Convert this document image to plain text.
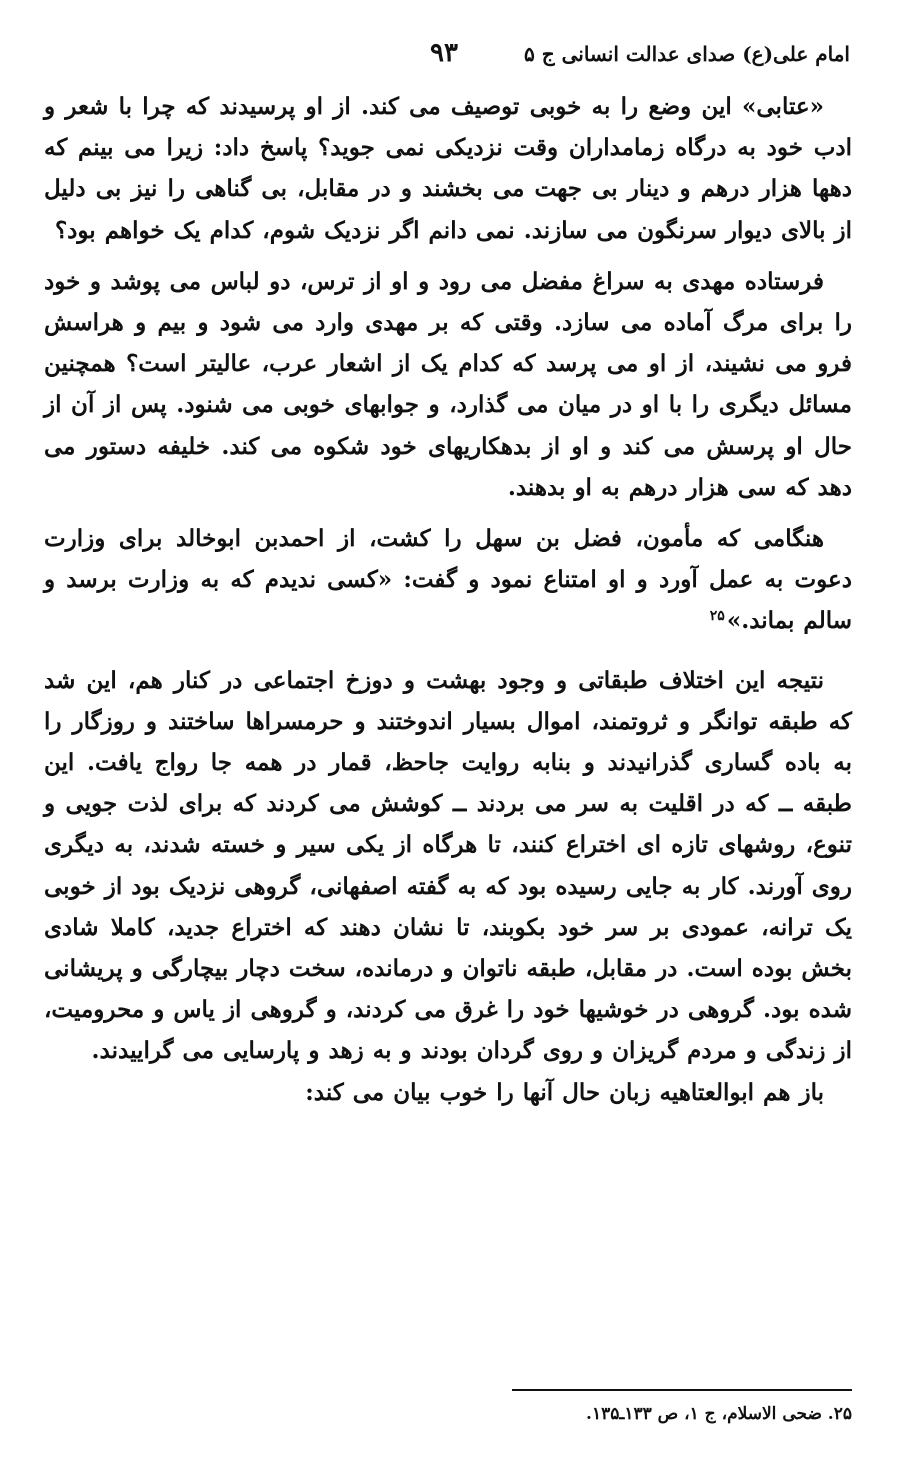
امام علی(ع) صدای عدالت انسانی ج ۵
۹۳

«عتابی» این وضع را به خوبی توصیف می کند. از او پرسیدند که چرا با شعر و ادب خود به درگاه زمامداران وقت نزدیکی نمی جوید؟ پاسخ داد: زیرا می بینم که دهها هزار درهم و دینار بی جهت می بخشند و در مقابل، بی گناهی را نیز بی دلیل از بالای دیوار سرنگون می سازند. نمی دانم اگر نزدیک شوم، کدام یک خواهم بود؟

فرستاده مهدی به سراغ مفضل می رود و او از ترس، دو لباس می پوشد و خود را برای مرگ آماده می سازد. وقتی که بر مهدی وارد می شود و بیم و هراسش فرو می نشیند، از او می پرسد که کدام یک از اشعار عرب، عالیتر است؟ همچنین مسائل دیگری را با او در میان می گذارد، و جوابهای خوبی می شنود. پس از آن از حال او پرسش می کند و او از بدهکاریهای خود شکوه می کند. خلیفه دستور می دهد که سی هزار درهم به او بدهند.

هنگامی که مأمون، فضل بن سهل را کشت، از احمدبن ابوخالد برای وزارت دعوت به عمل آورد و او امتناع نمود و گفت: «کسی ندیدم که به وزارت برسد و سالم بماند.»$^{۲۵}$

نتیجه این اختلاف طبقاتی و وجود بهشت و دوزخ اجتماعی در کنار هم، این شد که طبقه توانگر و ثروتمند، اموال بسیار اندوختند و حرمسراها ساختند و روزگار را به باده گساری گذرانیدند و بنابه روایت جاحظ، قمار در همه جا رواج یافت. این طبقه ــ که در اقلیت به سر می بردند ــ کوشش می کردند که برای لذت جویی و تنوع، روشهای تازه ای اختراع کنند، تا هرگاه از یکی سیر و خسته شدند، به دیگری روی آورند. کار به جایی رسیده بود که به گفته اصفهانی، گروهی نزدیک بود از خوبی یک ترانه، عمودی بر سر خود بکوبند، تا نشان دهند که اختراع جدید، کاملا شادی بخش بوده است. در مقابل، طبقه ناتوان و درمانده، سخت دچار بیچارگی و پریشانی شده بود. گروهی در خوشیها خود را غرق می کردند، و گروهی از یاس و محرومیت، از زندگی و مردم گریزان و روی گردان بودند و به زهد و پارسایی می گراییدند.

باز هم ابوالعتاهیه زبان حال آنها را خوب بیان می کند:

۲۵. ضحی الاسلام، ج ۱، ص ۱۳۳ـ۱۳۵.
